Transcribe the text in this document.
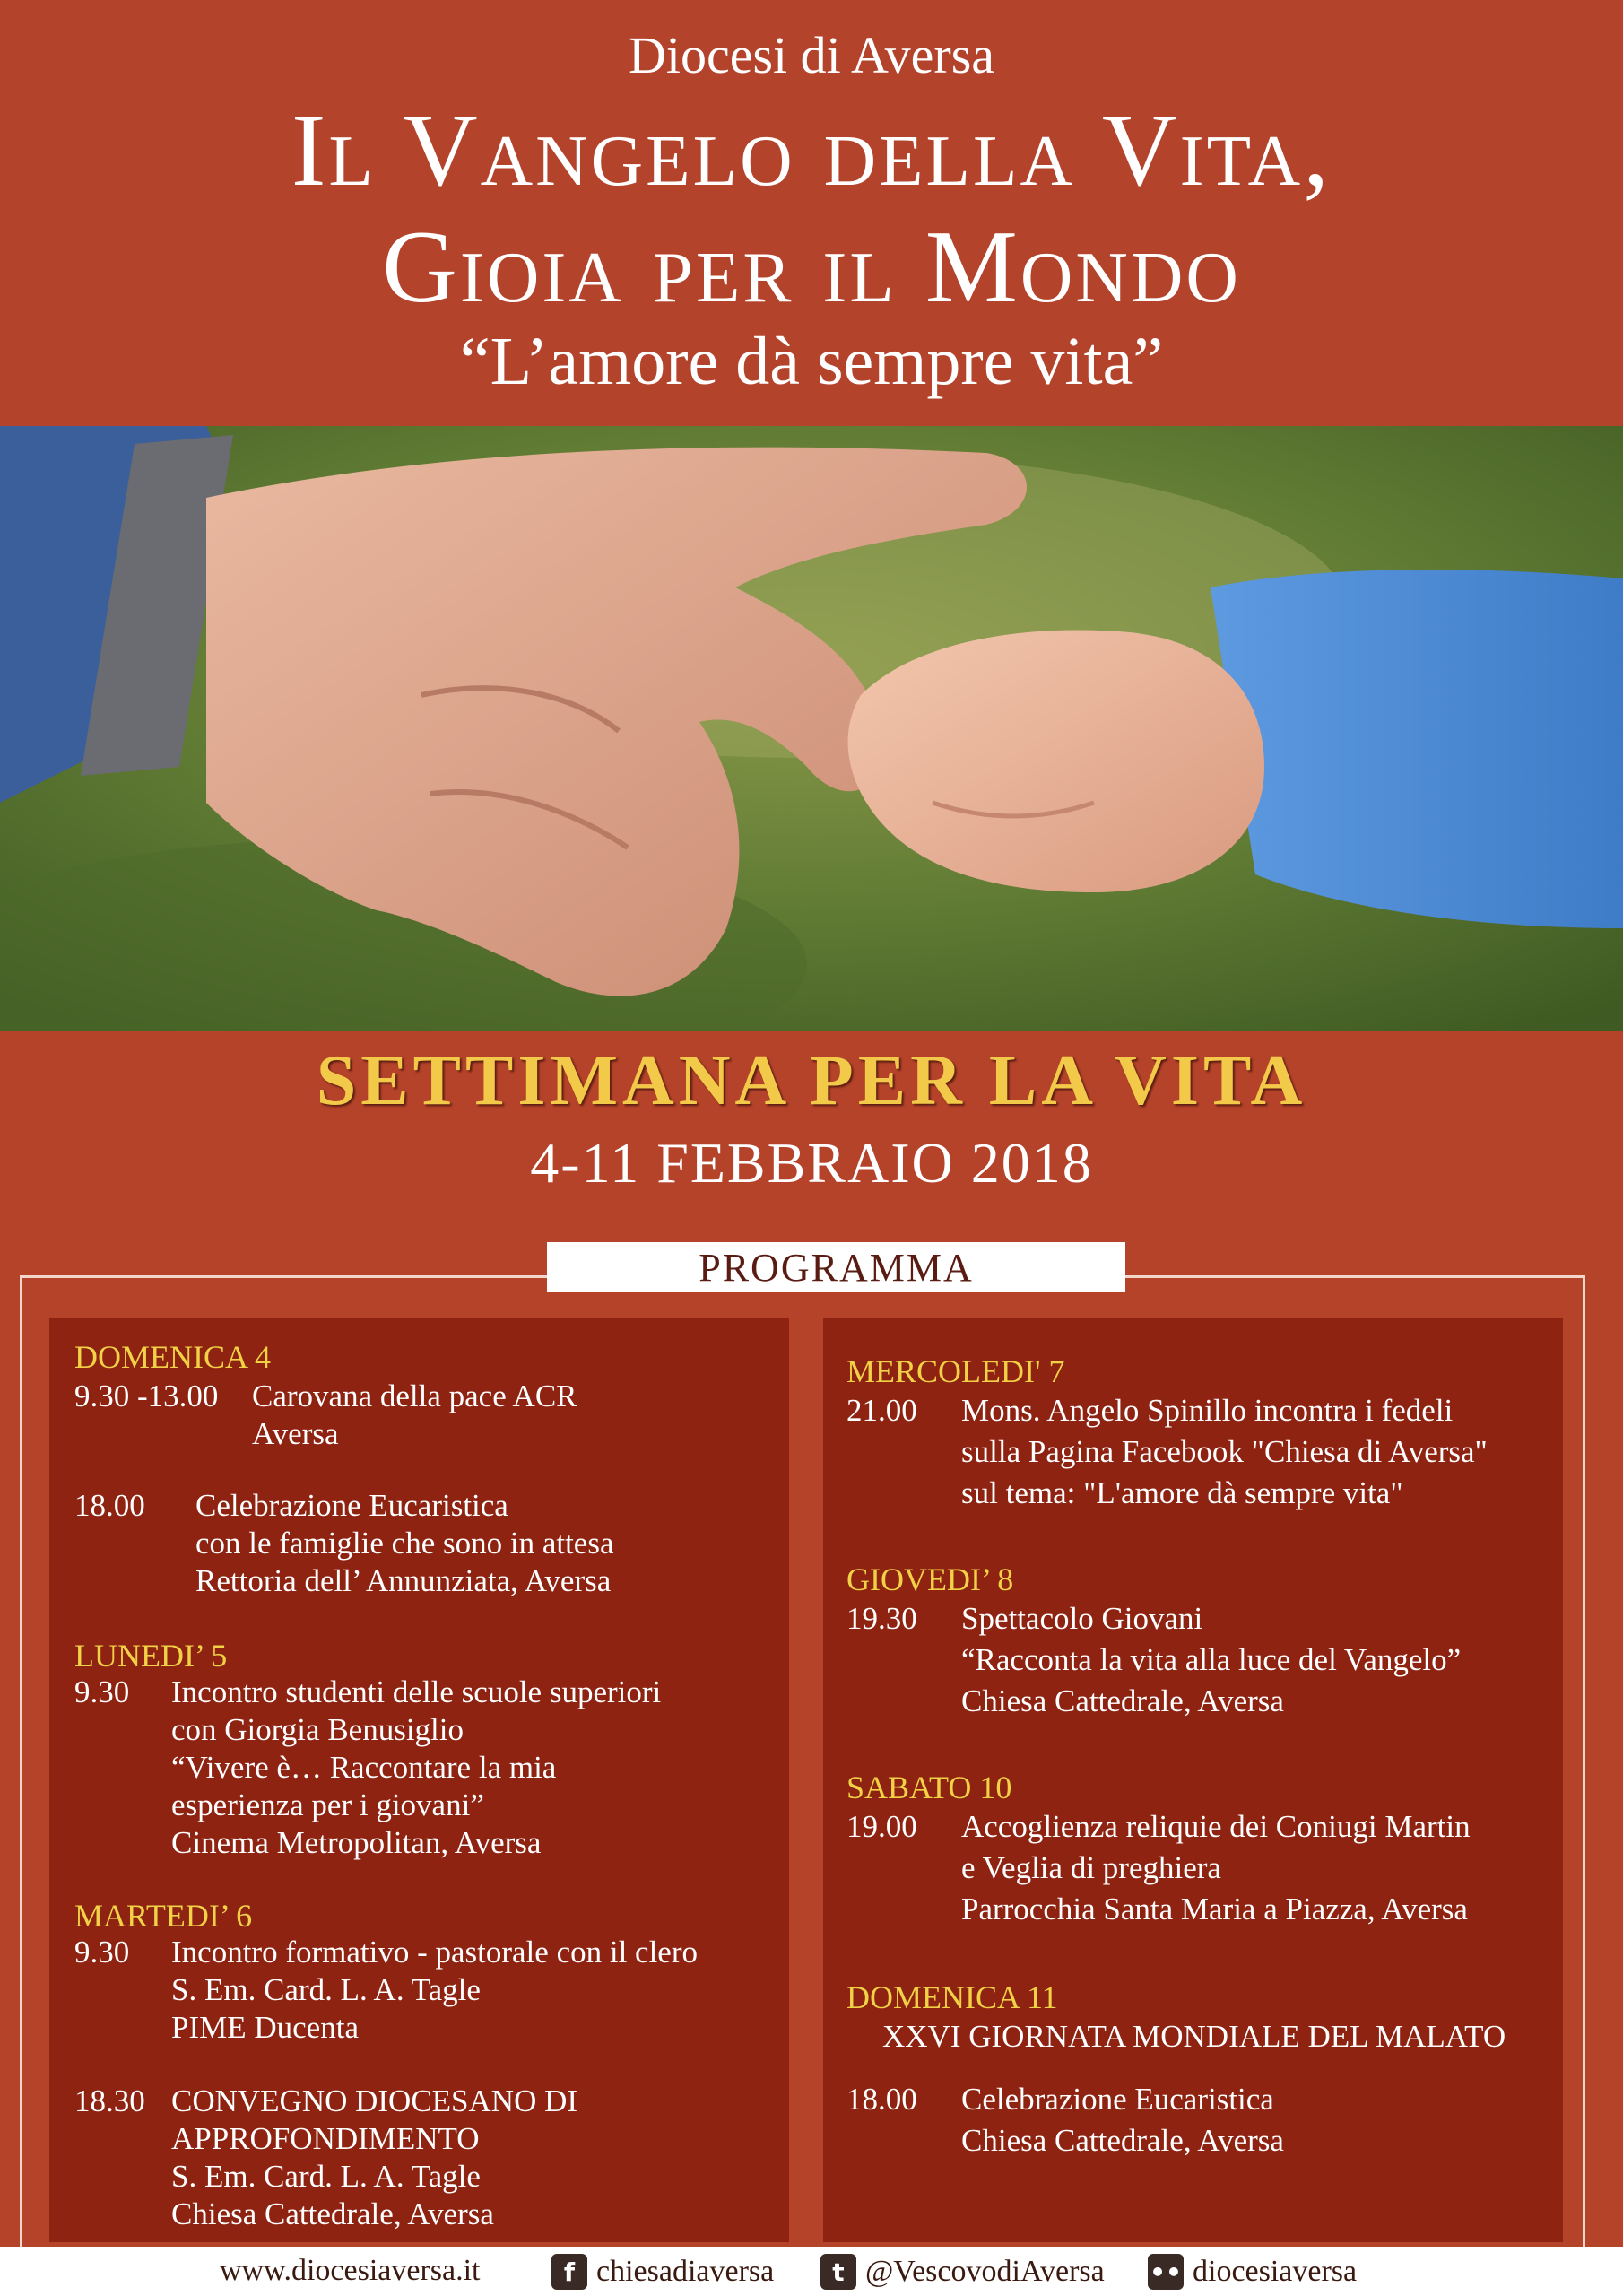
Diocesi di Aversa
Il Vangelo della Vita,
Gioia per il Mondo
“L’amore dà sempre vita”
SETTIMANA PER LA VITA
4-11 FEBBRAIO 2018
PROGRAMMA
DOMENICA 4
9.30 -13.00 Carovana della pace ACR
Aversa
18.00 Celebrazione Eucaristica
con le famiglie che sono in attesa
Rettoria dell’ Annunziata, Aversa
LUNEDI’ 5
9.30 Incontro studenti delle scuole superiori
con Giorgia Benusiglio
“Vivere è… Raccontare la mia
esperienza per i giovani”
Cinema Metropolitan, Aversa
MARTEDI’ 6
9.30 Incontro formativo - pastorale con il clero
S. Em. Card. L. A. Tagle
PIME Ducenta
18.30 CONVEGNO DIOCESANO DI
APPROFONDIMENTO
S. Em. Card. L. A. Tagle
Chiesa Cattedrale, Aversa
MERCOLEDI' 7
21.00 Mons. Angelo Spinillo incontra i fedeli
sulla Pagina Facebook "Chiesa di Aversa"
sul tema: "L'amore dà sempre vita"
GIOVEDI’ 8
19.30 Spettacolo Giovani
“Racconta la vita alla luce del Vangelo”
Chiesa Cattedrale, Aversa
SABATO 10
19.00 Accoglienza reliquie dei Coniugi Martin
e Veglia di preghiera
Parrocchia Santa Maria a Piazza, Aversa
DOMENICA 11
XXVI GIORNATA MONDIALE DEL MALATO
18.00 Celebrazione Eucaristica
Chiesa Cattedrale, Aversa
www.diocesiaversa.it	f chiesadiaversa	t @VescovodiAversa •• diocesiaversa
